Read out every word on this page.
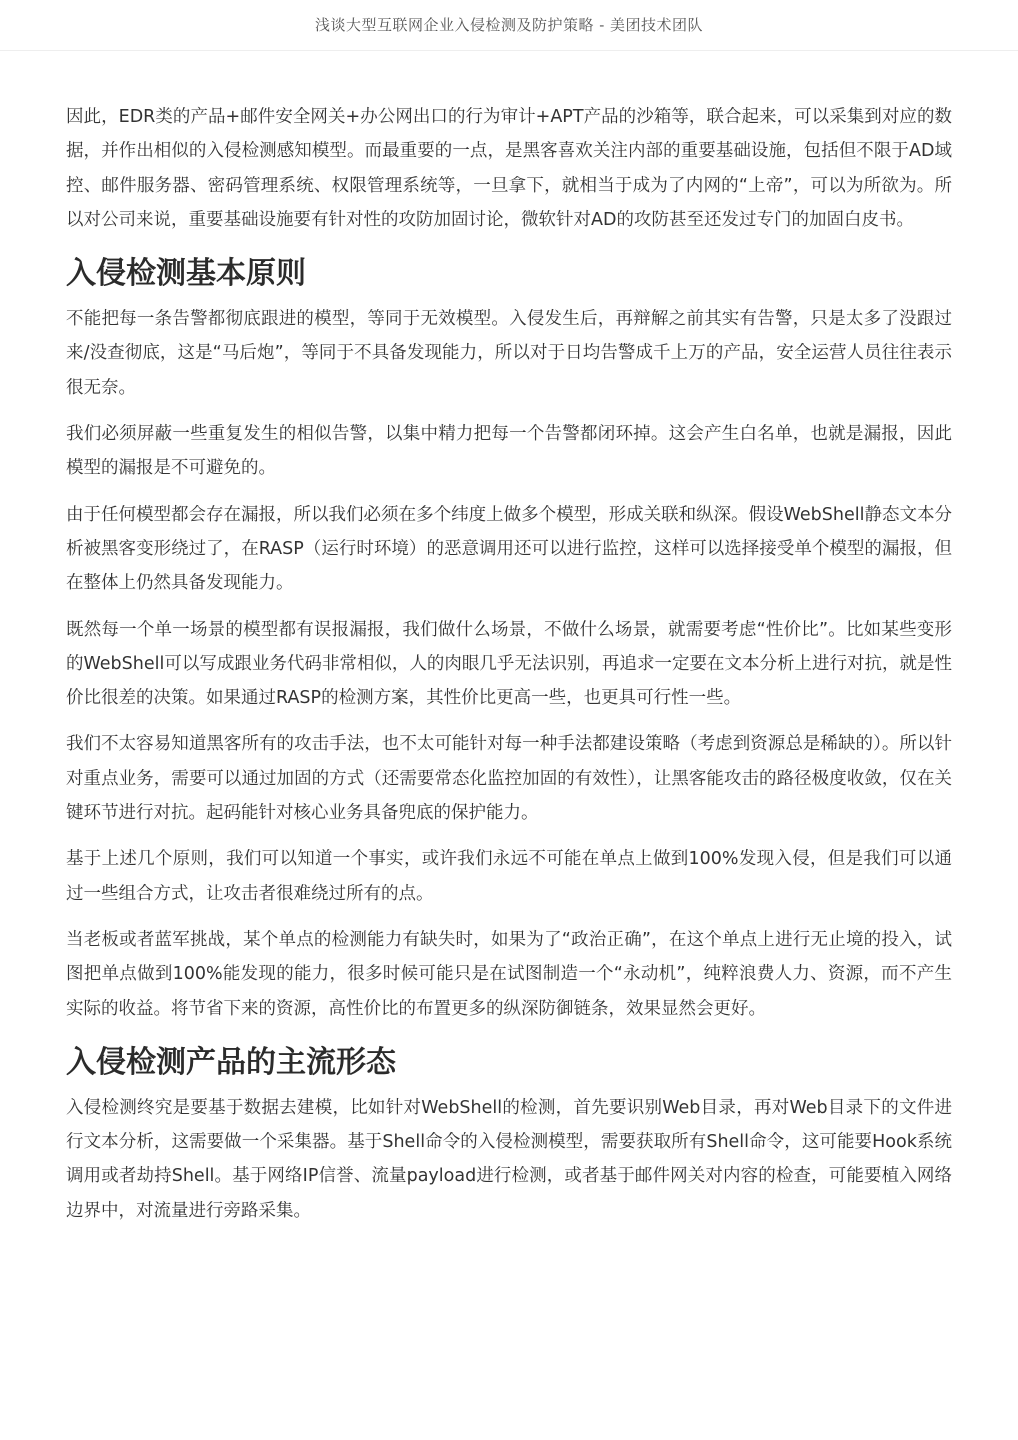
浅谈大型互联网企业入侵检测及防护策略 - 美团技术团队

因此，EDR类的产品+邮件安全网关+办公网出口的行为审计+APT产品的沙箱等，联合起来，可以采集到对应的数据，并作出相似的入侵检测感知模型。而最重要的一点，是黑客喜欢关注内部的重要基础设施，包括但不限于AD域控、邮件服务器、密码管理系统、权限管理系统等，一旦拿下，就相当于成为了内网的“上帝”，可以为所欲为。所以对公司来说，重要基础设施要有针对性的攻防加固讨论，微软针对AD的攻防甚至还发过专门的加固白皮书。

入侵检测基本原则

不能把每一条告警都彻底跟进的模型，等同于无效模型。入侵发生后，再辩解之前其实有告警，只是太多了没跟过来/没查彻底，这是“马后炮”，等同于不具备发现能力，所以对于日均告警成千上万的产品，安全运营人员往往表示很无奈。

我们必须屏蔽一些重复发生的相似告警，以集中精力把每一个告警都闭环掉。这会产生白名单，也就是漏报，因此模型的漏报是不可避免的。

由于任何模型都会存在漏报，所以我们必须在多个纬度上做多个模型，形成关联和纵深。假设WebShell静态文本分析被黑客变形绕过了，在RASP（运行时环境）的恶意调用还可以进行监控，这样可以选择接受单个模型的漏报，但在整体上仍然具备发现能力。

既然每一个单一场景的模型都有误报漏报，我们做什么场景，不做什么场景，就需要考虑“性价比”。比如某些变形的WebShell可以写成跟业务代码非常相似，人的肉眼几乎无法识别，再追求一定要在文本分析上进行对抗，就是性价比很差的决策。如果通过RASP的检测方案，其性价比更高一些，也更具可行性一些。

我们不太容易知道黑客所有的攻击手法，也不太可能针对每一种手法都建设策略（考虑到资源总是稀缺的）。所以针对重点业务，需要可以通过加固的方式（还需要常态化监控加固的有效性），让黑客能攻击的路径极度收敛，仅在关键环节进行对抗。起码能针对核心业务具备兜底的保护能力。

基于上述几个原则，我们可以知道一个事实，或许我们永远不可能在单点上做到100%发现入侵，但是我们可以通过一些组合方式，让攻击者很难绕过所有的点。

当老板或者蓝军挑战，某个单点的检测能力有缺失时，如果为了“政治正确”，在这个单点上进行无止境的投入，试图把单点做到100%能发现的能力，很多时候可能只是在试图制造一个“永动机”，纯粹浪费人力、资源，而不产生实际的收益。将节省下来的资源，高性价比的布置更多的纵深防御链条，效果显然会更好。

入侵检测产品的主流形态

入侵检测终究是要基于数据去建模，比如针对WebShell的检测，首先要识别Web目录，再对Web目录下的文件进行文本分析，这需要做一个采集器。基于Shell命令的入侵检测模型，需要获取所有Shell命令，这可能要Hook系统调用或者劫持Shell。基于网络IP信誉、流量payload进行检测，或者基于邮件网关对内容的检查，可能要植入网络边界中，对流量进行旁路采集。
